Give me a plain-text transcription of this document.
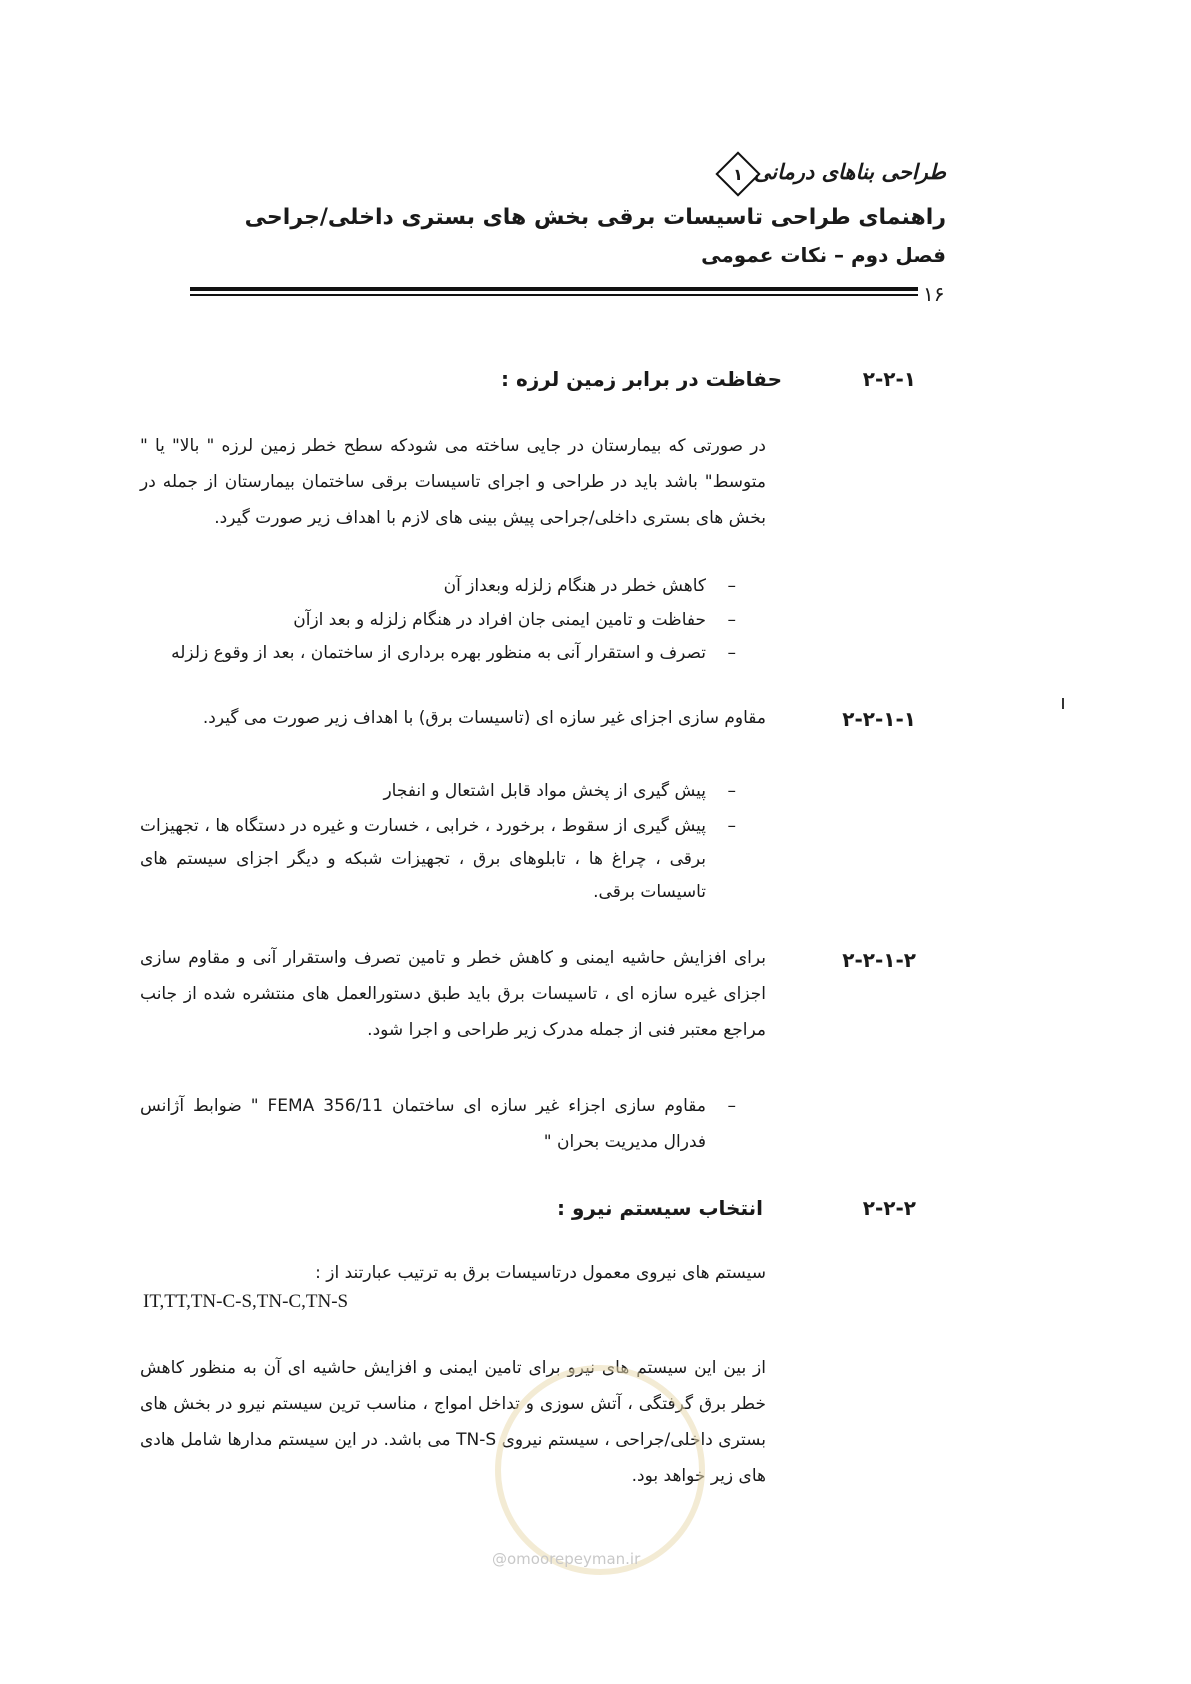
طراحی بناهای درمانی
۱
راهنمای طراحی تاسیسات برقی بخش های بستری داخلی/جراحی
فصل دوم – نکات عمومی
۱۶
۲-۲-۱
حفاظت در برابر زمین لرزه :
در صورتی که بیمارستان در جایی ساخته می شودکه سطح خطر زمین لرزه " بالا" یا " متوسط" باشد باید در طراحی و اجرای تاسیسات برقی ساختمان بیمارستان از جمله در بخش های بستری داخلی/جراحی پیش بینی های لازم با اهداف زیر صورت گیرد.
–
کاهش خطر در هنگام زلزله وبعداز آن
–
حفاظت و تامین ایمنی جان افراد در هنگام زلزله و بعد ازآن
–
تصرف و استقرار آنی به منظور بهره برداری از ساختمان ، بعد از وقوع زلزله
۲-۲-۱-۱
مقاوم سازی اجزای غیر سازه ای (تاسیسات برق) با اهداف زیر صورت می گیرد.
–
پیش گیری از پخش مواد قابل اشتعال و انفجار
–
پیش گیری از سقوط ، برخورد ، خرابی ، خسارت و غیره در دستگاه ها ، تجهیزات برقی ، چراغ ها ، تابلوهای برق ، تجهیزات شبکه و دیگر اجزای سیستم های تاسیسات برقی.
۲-۲-۱-۲
برای افزایش حاشیه ایمنی و کاهش خطر و تامین تصرف واستقرار آنی و مقاوم سازی اجزای غیره سازه ای ، تاسیسات برق باید طبق دستورالعمل های منتشره شده از جانب مراجع معتبر فنی از جمله مدرک زیر طراحی و اجرا شود.
–
مقاوم سازی اجزاء غیر سازه ای ساختمان FEMA 356/11 " ضوابط آژانس فدرال مدیریت بحران "
۲-۲-۲
انتخاب سیستم نیرو :
سیستم های نیروی معمول درتاسیسات برق به ترتیب عبارتند از :
IT,TT,TN-C-S,TN-C,TN-S
از بین این سیستم های نیرو برای تامین ایمنی و افزایش حاشیه ای آن به منظور کاهش خطر برق گرفتگی ، آتش سوزی و تداخل امواج ، مناسب ترین سیستم نیرو در بخش های بستری داخلی/جراحی ، سیستم نیروی TN-S می باشد. در این سیستم مدارها شامل هادی های زیر خواهد بود.
@omoorepeyman.ir
